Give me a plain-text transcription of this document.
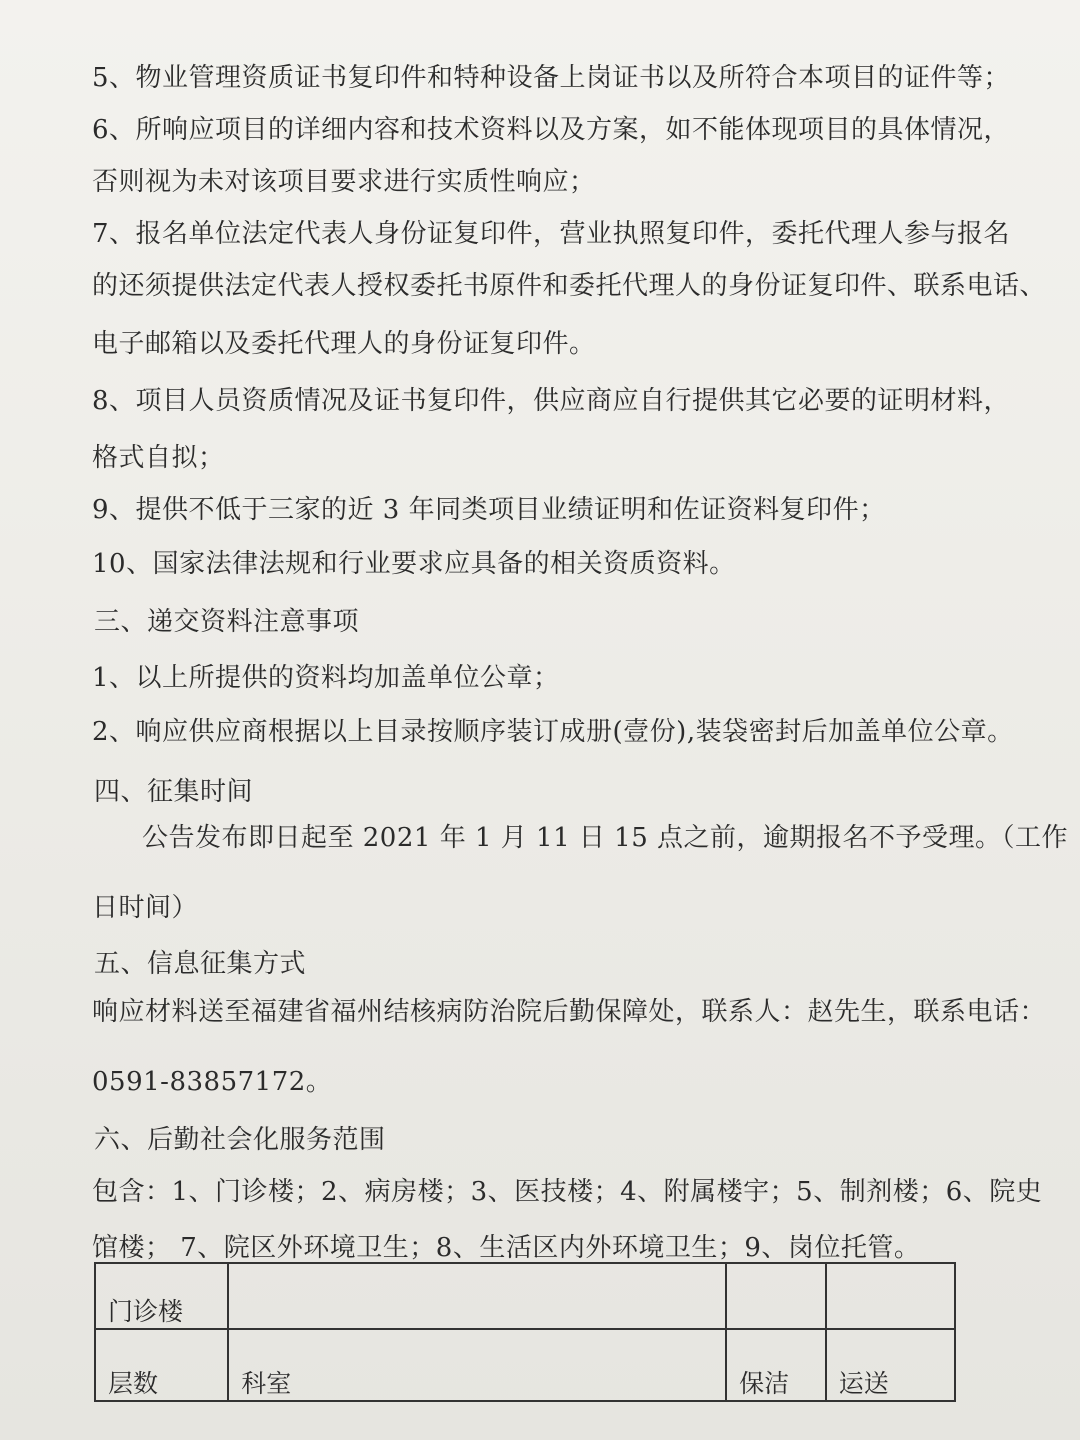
5、物业管理资质证书复印件和特种设备上岗证书以及所符合本项目的证件等；
6、所响应项目的详细内容和技术资料以及方案，如不能体现项目的具体情况，
否则视为未对该项目要求进行实质性响应；
7、报名单位法定代表人身份证复印件，营业执照复印件，委托代理人参与报名
的还须提供法定代表人授权委托书原件和委托代理人的身份证复印件、联系电话、
电子邮箱以及委托代理人的身份证复印件。
8、项目人员资质情况及证书复印件，供应商应自行提供其它必要的证明材料，
格式自拟；
9、提供不低于三家的近 3 年同类项目业绩证明和佐证资料复印件；
10、国家法律法规和行业要求应具备的相关资质资料。
三、递交资料注意事项
1、以上所提供的资料均加盖单位公章；
2、响应供应商根据以上目录按顺序装订成册(壹份),装袋密封后加盖单位公章。
四、征集时间
公告发布即日起至 2021 年 1 月 11 日 15 点之前，逾期报名不予受理。（工作
日时间）
五、信息征集方式
响应材料送至福建省福州结核病防治院后勤保障处，联系人：赵先生，联系电话：
0591-83857172。
六、后勤社会化服务范围
包含：1、门诊楼；2、病房楼；3、医技楼；4、附属楼宇；5、制剂楼；6、院史
馆楼； 7、院区外环境卫生；8、生活区内外环境卫生；9、岗位托管。
门诊楼			
层数	科室	保洁	运送
